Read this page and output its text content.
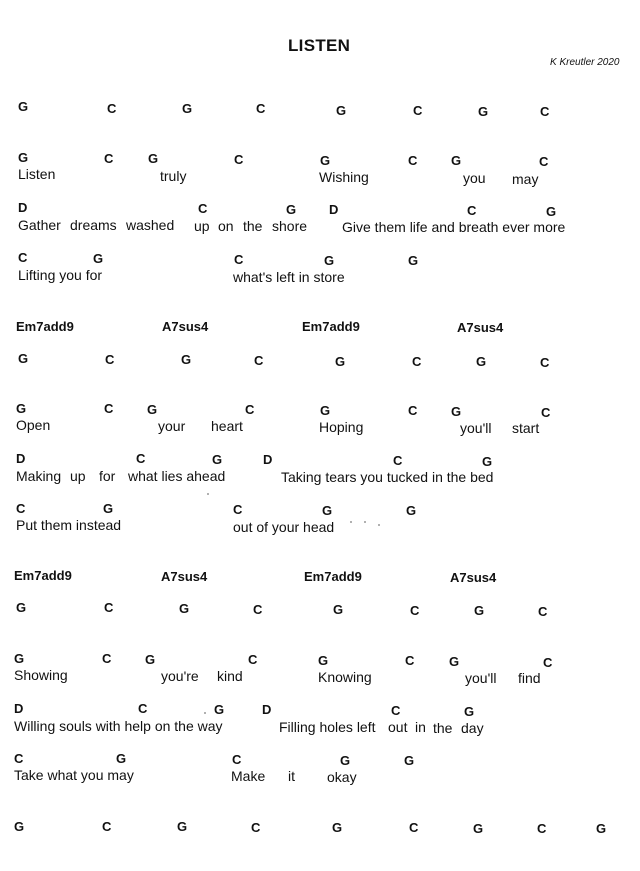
LISTEN
K Kreutler 2020
G	C	G	C	G	C	G	C
G	C	G	C	G	C	G	C
Listen	truly	Wishing	you may
D	C	G	D	C	G
Gather dreams washed up on the shore Give them life and breath ever more
C	G	C	G	G
Lifting you for	what's left in store
Em7add9	A7sus4	Em7add9	A7sus4
G	C	G	C	G	C	G	C
G	C	G	C	G	C	G	C
Open	your heart	Hoping	you'll start
D	C	G	D	C	G
Making up for what lies ahead	Taking tears you tucked in the bed
C	G	C	G	G
Put them instead	out of your head
Em7add9	A7sus4	Em7add9	A7sus4
G	C	G	C	G	C	G	C
G	C	G	C	G	C	G	C
Showing	you're kind	Knowing	you'll find
D	C	G	D	C	G
Willing souls with help on the way	Filling holes left out in the day
C	G	C	G	G
Take what you may	Make it okay
G	C	G	C	G	C	G	C	G
